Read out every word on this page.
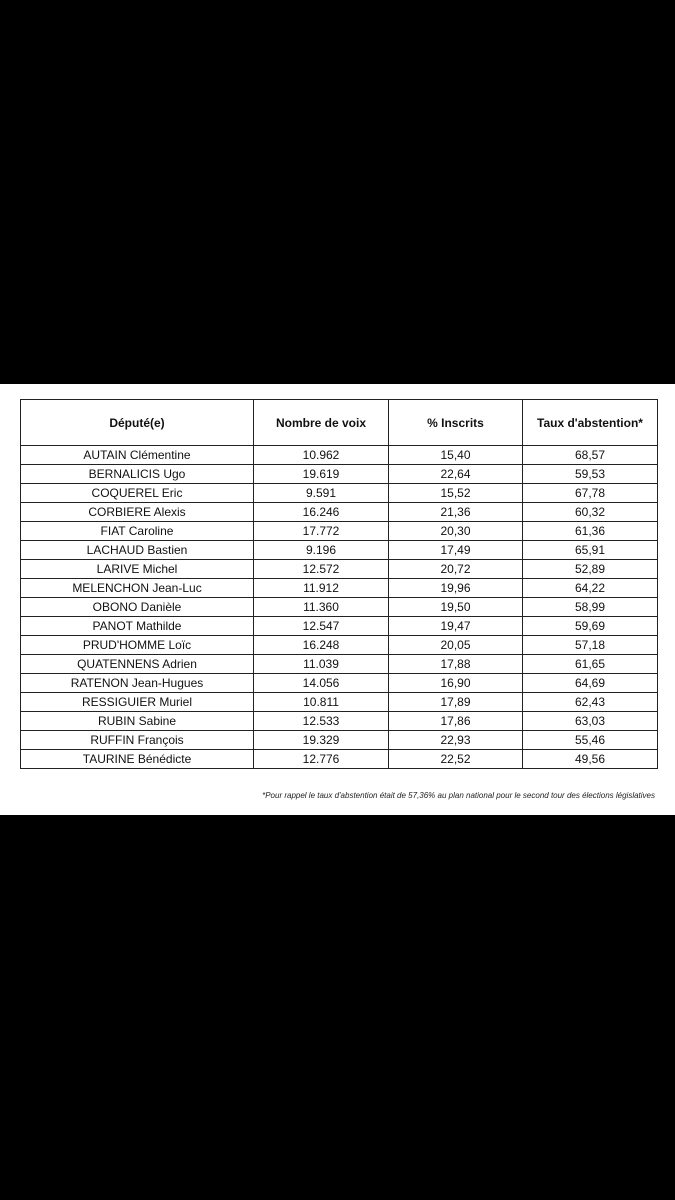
Député(e)	Nombre de voix	% Inscrits	Taux d'abstention*
AUTAIN Clémentine	10.962	15,40	68,57
BERNALICIS Ugo	19.619	22,64	59,53
COQUEREL Eric	9.591	15,52	67,78
CORBIERE Alexis	16.246	21,36	60,32
FIAT Caroline	17.772	20,30	61,36
LACHAUD Bastien	9.196	17,49	65,91
LARIVE Michel	12.572	20,72	52,89
MELENCHON Jean-Luc	11.912	19,96	64,22
OBONO Danièle	11.360	19,50	58,99
PANOT Mathilde	12.547	19,47	59,69
PRUD'HOMME Loïc	16.248	20,05	57,18
QUATENNENS Adrien	11.039	17,88	61,65
RATENON Jean-Hugues	14.056	16,90	64,69
RESSIGUIER Muriel	10.811	17,89	62,43
RUBIN Sabine	12.533	17,86	63,03
RUFFIN François	19.329	22,93	55,46
TAURINE Bénédicte	12.776	22,52	49,56
*Pour rappel le taux d'abstention était de 57,36% au plan national pour le second tour des élections législatives
